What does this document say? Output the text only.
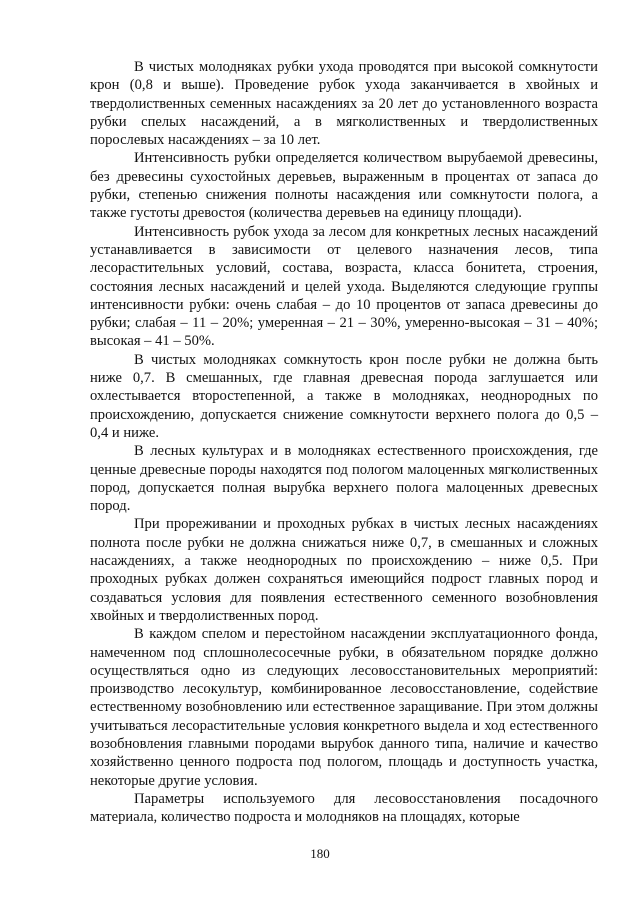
В чистых молодняках рубки ухода проводятся при высокой сомкнутости крон (0,8 и выше). Проведение рубок ухода заканчивается в хвойных и твердолиственных семенных насаждениях за 20 лет до установленного возраста рубки спелых насаждений, а в мягколиственных и твердолиственных порослевых насаждениях – за 10 лет.

Интенсивность рубки определяется количеством вырубаемой древесины, без древесины сухостойных деревьев, выраженным в процентах от запаса до рубки, степенью снижения полноты насаждения или сомкнутости полога, а также густоты древостоя (количества деревьев на единицу площади).

Интенсивность рубок ухода за лесом для конкретных лесных насаждений устанавливается в зависимости от целевого назначения лесов, типа лесорастительных условий, состава, возраста, класса бонитета, строения, состояния лесных насаждений и целей ухода. Выделяются следующие группы интенсивности рубки: очень слабая – до 10 процентов от запаса древесины до рубки; слабая – 11 – 20%; умеренная – 21 – 30%, умеренно-высокая – 31 – 40%; высокая – 41 – 50%.

В чистых молодняках сомкнутость крон после рубки не должна быть ниже 0,7. В смешанных, где главная древесная порода заглушается или охлестывается второстепенной, а также в молодняках, неоднородных по происхождению, допускается снижение сомкнутости верхнего полога до 0,5 – 0,4 и ниже.

В лесных культурах и в молодняках естественного происхождения, где ценные древесные породы находятся под пологом малоценных мягколиственных пород, допускается полная вырубка верхнего полога малоценных древесных пород.

При прореживании и проходных рубках в чистых лесных насаждениях полнота после рубки не должна снижаться ниже 0,7, в смешанных и сложных насаждениях, а также неоднородных по происхождению – ниже 0,5. При проходных рубках должен сохраняться имеющийся подрост главных пород и создаваться условия для появления естественного семенного возобновления хвойных и твердолиственных пород.

В каждом спелом и перестойном насаждении эксплуатационного фонда, намеченном под сплошнолесосечные рубки, в обязательном порядке должно осуществляться одно из следующих лесовосстановительных мероприятий: производство лесокультур, комбинированное лесовосстановление, содействие естественному возобновлению или естественное заращивание. При этом должны учитываться лесорастительные условия конкретного выдела и ход естественного возобновления главными породами вырубок данного типа, наличие и качество хозяйственно ценного подроста под пологом, площадь и доступность участка, некоторые другие условия.

Параметры используемого для лесовосстановления посадочного материала, количество подроста и молодняков на площадях, которые

180
